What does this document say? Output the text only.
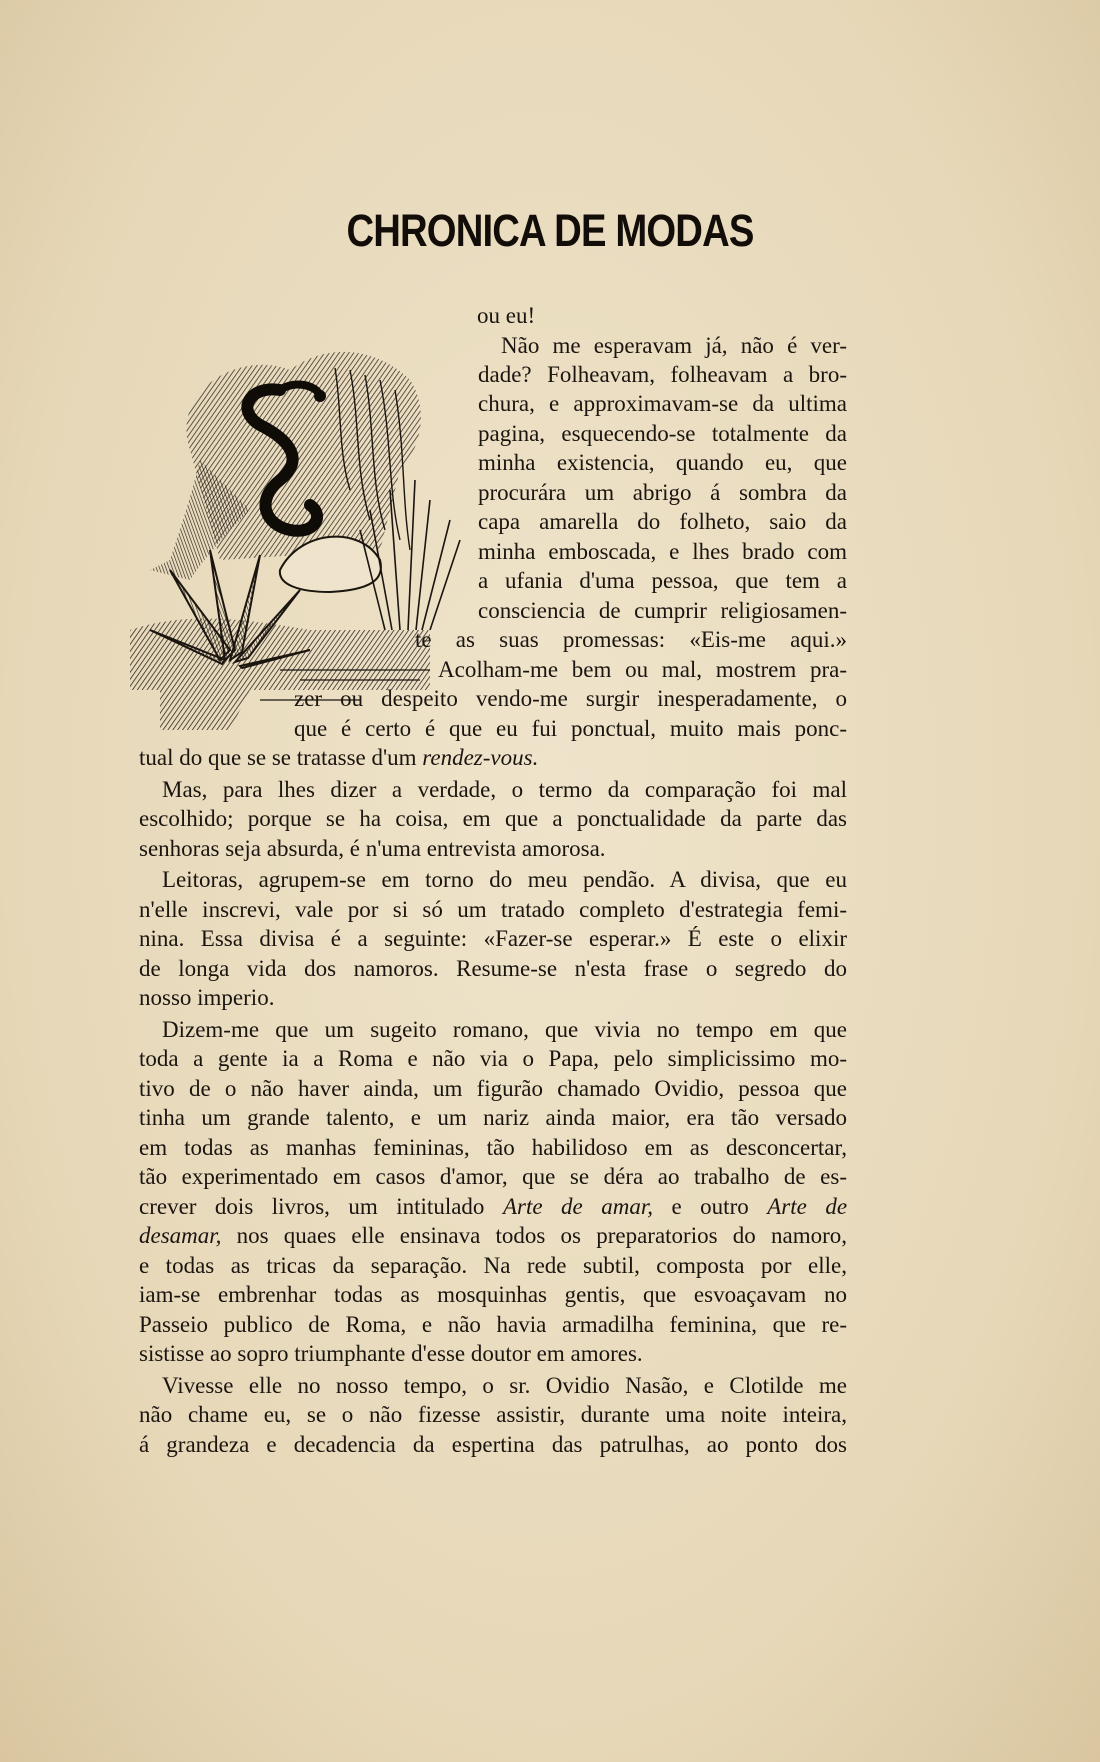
CHRONICA DE MODAS
ou eu!
Não me esperavam já, não é ver-
dade? Folheavam, folheavam a bro-
chura, e approximavam-se da ultima
pagina, esquecendo-se totalmente da
minha existencia, quando eu, que
procurára um abrigo á sombra da
capa amarella do folheto, saio da
minha emboscada, e lhes brado com
a ufania d'uma pessoa, que tem a
consciencia de cumprir religiosamen-
te as suas promessas: «Eis-me aqui.»
Acolham-me bem ou mal, mostrem pra-
zer ou despeito vendo-me surgir inesperadamente, o
que é certo é que eu fui ponctual, muito mais ponc-
tual do que se se tratasse d'um rendez-vous.
Mas, para lhes dizer a verdade, o termo da comparação foi mal
escolhido; porque se ha coisa, em que a ponctualidade da parte das
senhoras seja absurda, é n'uma entrevista amorosa.
Leitoras, agrupem-se em torno do meu pendão. A divisa, que eu
n'elle inscrevi, vale por si só um tratado completo d'estrategia femi-
nina. Essa divisa é a seguinte: «Fazer-se esperar.» É este o elixir
de longa vida dos namoros. Resume-se n'esta frase o segredo do
nosso imperio.
Dizem-me que um sugeito romano, que vivia no tempo em que
toda a gente ia a Roma e não via o Papa, pelo simplicissimo mo-
tivo de o não haver ainda, um figurão chamado Ovidio, pessoa que
tinha um grande talento, e um nariz ainda maior, era tão versado
em todas as manhas femininas, tão habilidoso em as desconcertar,
tão experimentado em casos d'amor, que se déra ao trabalho de es-
crever dois livros, um intitulado Arte de amar, e outro Arte de
desamar, nos quaes elle ensinava todos os preparatorios do namoro,
e todas as tricas da separação. Na rede subtil, composta por elle,
iam-se embrenhar todas as mosquinhas gentis, que esvoaçavam no
Passeio publico de Roma, e não havia armadilha feminina, que re-
sistisse ao sopro triumphante d'esse doutor em amores.
Vivesse elle no nosso tempo, o sr. Ovidio Nasão, e Clotilde me
não chame eu, se o não fizesse assistir, durante uma noite inteira,
á grandeza e decadencia da espertina das patrulhas, ao ponto dos
